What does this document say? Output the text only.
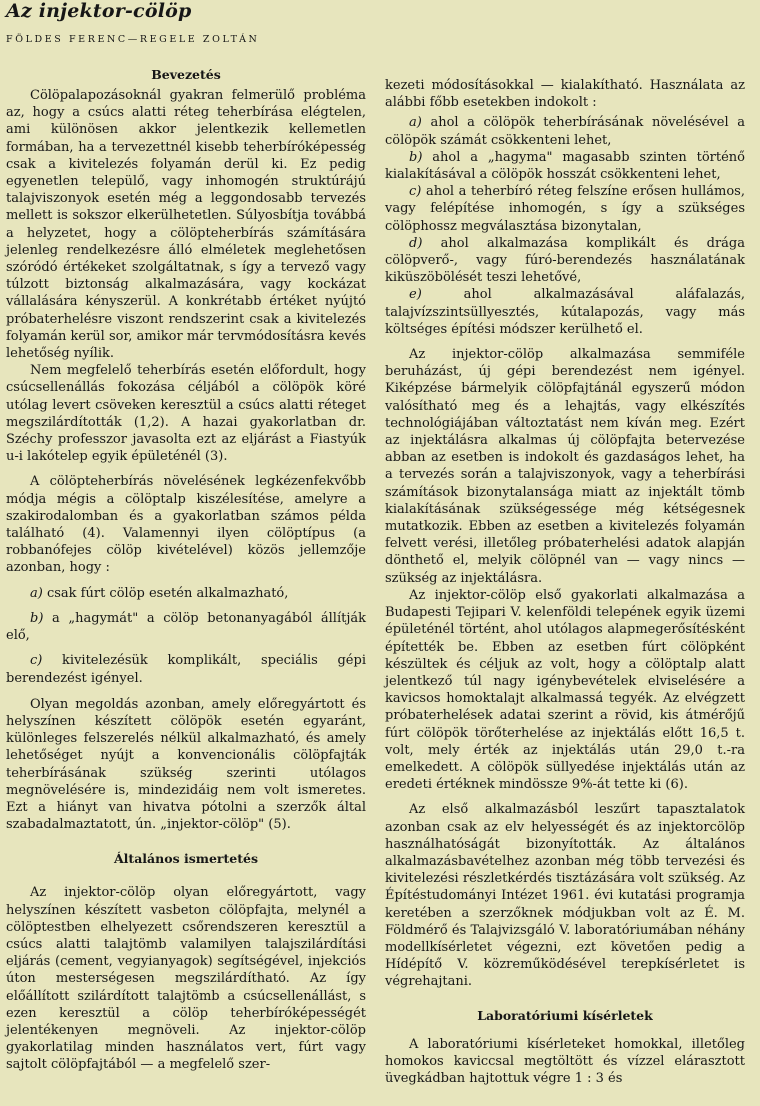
Az injektor-cölöp
FÖLDES FERENC—REGELE ZOLTÁN
Bevezetés

Cölöpalapozásoknál gyakran felmerülő probléma az, hogy a csúcs alatti réteg teherbírása elégtelen, ami különösen akkor jelentkezik kellemetlen formában, ha a tervezettnél kisebb teherbíróképesség csak a kivitelezés folyamán derül ki. Ez pedig egyenetlen települő, vagy inhomogén struktúrájú talajviszonyok esetén még a leggondosabb tervezés mellett is sokszor elkerülhetetlen. Súlyosbítja továbbá a helyzetet, hogy a cölöpteherbírás számítására jelenleg rendelkezésre álló elméletek meglehetősen szóródó értékeket szolgáltatnak, s így a tervező vagy túlzott biztonság alkalmazására, vagy kockázat vállalására kényszerül. A konkrétabb értéket nyújtó próbaterhelésre viszont rendszerint csak a kivitelezés folyamán kerül sor, amikor már tervmódosításra kevés lehetőség nyílik.

Nem megfelelő teherbírás esetén előfordult, hogy csúcsellenállás fokozása céljából a cölöpök köré utólag levert csöveken keresztül a csúcs alatti réteget megszilárdították (1,2). A hazai gyakorlatban dr. Széchy professzor javasolta ezt az eljárást a Fiastyúk u-i lakótelep egyik épületénél (3).

A cölöpteherbírás növelésének legkézenfekvőbb módja mégis a cölöptalp kiszélesítése, amelyre a szakirodalomban és a gyakorlatban számos példa található (4). Valamennyi ilyen cölöptípus (a robbanófejes cölöp kivételével) közös jellemzője azonban, hogy :

a) csak fúrt cölöp esetén alkalmazható,

b) a „hagymát" a cölöp betonanyagából állítják elő,

c) kivitelezésük komplikált, speciális gépi berendezést igényel.

Olyan megoldás azonban, amely előregyártott és helyszínen készített cölöpök esetén egyaránt, különleges felszerelés nélkül alkalmazható, és amely lehetőséget nyújt a konvencionális cölöpfajták teherbírásának szükség szerinti utólagos megnövelésére is, mindezidáig nem volt ismeretes. Ezt a hiányt van hivatva pótolni a szerzők által szabadalmaztatott, ún. „injektor-cölöp" (5).

Általános ismertetés

Az injektor-cölöp olyan előregyártott, vagy helyszínen készített vasbeton cölöpfajta, melynél a cölöptestben elhelyezett csőrendszeren keresztül a csúcs alatti talajtömb valamilyen talajszilárdítási eljárás (cement, vegyianyagok) segítségével, injekciós úton mesterségesen megszilárdítható. Az így előállított szilárdított talajtömb a csúcsellenállást, s ezen keresztül a cölöp teherbíróképességét jelentékenyen megnöveli. Az injektor-cölöp gyakorlatilag minden használatos vert, fúrt vagy sajtolt cölöpfajtából — a megfelelő szer-

kezeti módosításokkal — kialakítható. Használata az alábbi főbb esetekben indokolt :

a) ahol a cölöpök teherbírásának növelésével a cölöpök számát csökkenteni lehet,

b) ahol a „hagyma" magasabb szinten történő kialakításával a cölöpök hosszát csökkenteni lehet,

c) ahol a teherbíró réteg felszíne erősen hullámos, vagy felépítése inhomogén, s így a szükséges cölöphossz megválasztása bizonytalan,

d) ahol alkalmazása komplikált és drága cölöpverő-, vagy fúró-berendezés használatának kiküszöbölését teszi lehetővé,

e)	ahol alkalmazásával aláfalazás, talajvízszintsüllyesztés, kútalapozás, vagy más költséges építési módszer kerülhető el.

Az injektor-cölöp alkalmazása semmiféle beruházást, új gépi berendezést nem igényel. Kiképzése bármelyik cölöpfajtánál egyszerű módon valósítható meg és a lehajtás, vagy elkészítés technológiájában változtatást nem kíván meg. Ezért az injektálásra alkalmas új cölöpfajta betervezése abban az esetben is indokolt és gazdaságos lehet, ha a tervezés során a talajviszonyok, vagy a teherbírási számítások bizonytalansága miatt az injektált tömb kialakításának szükségessége még kétségesnek mutatkozik. Ebben az esetben a kivitelezés folyamán felvett verési, illetőleg próbaterhelési adatok alapján dönthető el, melyik cölöpnél van — vagy nincs — szükség az injektálásra.

Az injektor-cölöp első gyakorlati alkalmazása a Budapesti Tejipari V. kelenföldi telepének egyik üzemi épületénél történt, ahol utólagos alapmegerősítésként építették be. Ebben az esetben fúrt cölöpként készültek és céljuk az volt, hogy a cölöptalp alatt jelentkező túl nagy igénybevételek elviselésére a kavicsos homoktalajt alkalmassá tegyék. Az elvégzett próbaterhelések adatai szerint a rövid, kis átmérőjű fúrt cölöpök törőterhelése az injektálás előtt 16,5 t. volt, mely érték az injektálás után 29,0 t.-ra emelkedett. A cölöpök süllyedése injektálás után az eredeti értéknek mindössze 9%-át tette ki (6).

Az első alkalmazásból leszűrt tapasztalatok azonban csak az elv helyességét és az injektorcölöp használhatóságát bizonyították. Az általános alkalmazásbavételhez azonban még több tervezési és kivitelezési részletkérdés tisztázására volt szükség. Az Építéstudományi Intézet 1961. évi kutatási programja keretében a szerzőknek módjukban volt az É. M. Földmérő és Talajvizsgáló V. laboratóriumában néhány modellkísérletet végezni, ezt követően pedig a Hídépítő V. közreműködésével terepkísérletet is végrehajtani.

Laboratóriumi kísérletek

A laboratóriumi kísérleteket homokkal, illetőleg homokos kaviccsal megtöltött és vízzel elárasztott üvegkádban hajtottuk végre 1 : 3 és
